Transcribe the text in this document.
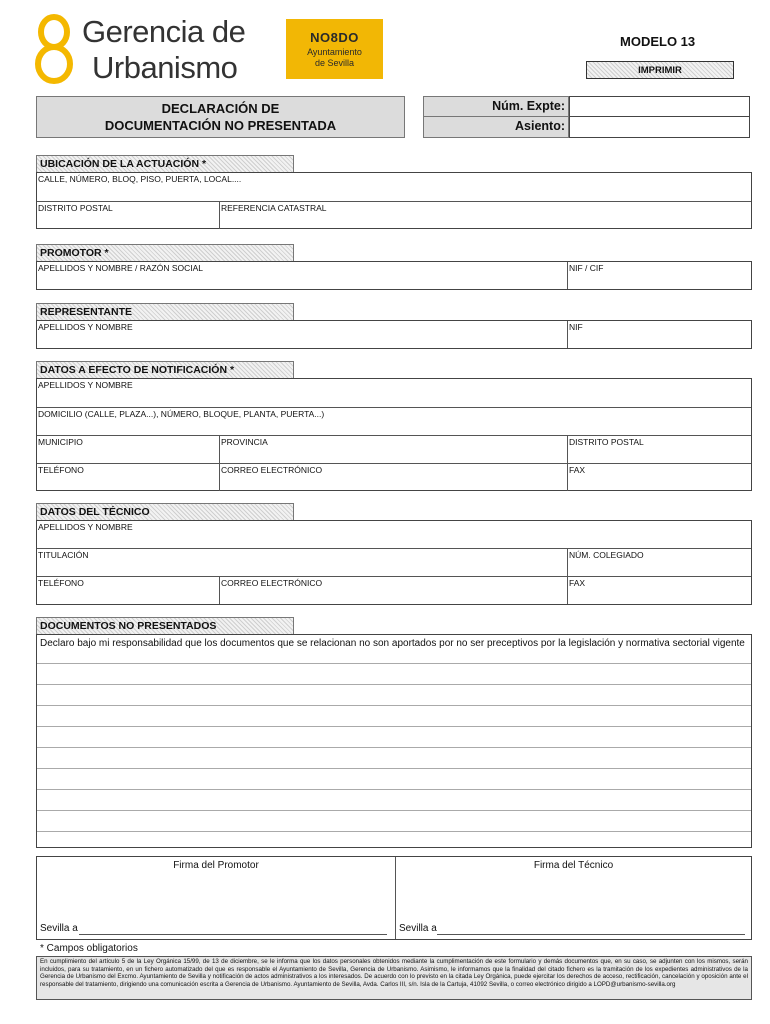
Gerencia de
Urbanismo
NO8DO
Ayuntamiento
de Sevilla
MODELO 13
IMPRIMIR
DECLARACIÓN DE
DOCUMENTACIÓN NO PRESENTADA
Núm. Expte:
Asiento:
UBICACIÓN DE LA ACTUACIÓN *
CALLE, NÚMERO, BLOQ, PISO, PUERTA, LOCAL....
DISTRITO POSTAL	REFERENCIA CATASTRAL
PROMOTOR *
APELLIDOS Y NOMBRE / RAZÓN SOCIAL	NIF / CIF
REPRESENTANTE
APELLIDOS Y NOMBRE	NIF
DATOS A EFECTO DE NOTIFICACIÓN *
APELLIDOS Y NOMBRE
DOMICILIO (CALLE, PLAZA...), NÚMERO, BLOQUE, PLANTA, PUERTA...)
MUNICIPIO	PROVINCIA	DISTRITO POSTAL
TELÉFONO	CORREO ELECTRÓNICO	FAX
DATOS DEL TÉCNICO
APELLIDOS Y NOMBRE
TITULACIÓN	NÚM. COLEGIADO
TELÉFONO	CORREO ELECTRÓNICO	FAX
DOCUMENTOS NO PRESENTADOS
Declaro bajo mi responsabilidad que los documentos que se relacionan no son aportados por no ser preceptivos por la legislación y normativa sectorial vigente
Firma del Promotor	Firma del Técnico
Sevilla a	Sevilla a
* Campos obligatorios
En cumplimiento del artículo 5 de la Ley Orgánica 15/99, de 13 de diciembre, se le informa que los datos personales obtenidos mediante la cumplimentación de este formulario y demás documentos que, en su caso, se adjunten con los mismos, serán incluidos, para su tratamiento, en un fichero automatizado del que es responsable el Ayuntamiento de Sevilla, Gerencia de Urbanismo. Asimismo, le informamos que la finalidad del citado fichero es la tramitación de los expedientes administrativos de la Gerencia de Urbanismo del Excmo. Ayuntamiento de Sevilla y notificación de actos administrativos a los interesados. De acuerdo con lo previsto en la citada Ley Orgánica, puede ejercitar los derechos de acceso, rectificación, cancelación y oposición ante el responsable del tratamiento, dirigiendo una comunicación escrita a Gerencia de Urbanismo. Ayuntamiento de Sevilla, Avda. Carlos III, s/n. Isla de la Cartuja, 41092 Sevilla, o correo electrónico dirigido a LOPD@urbanismo-sevilla.org
